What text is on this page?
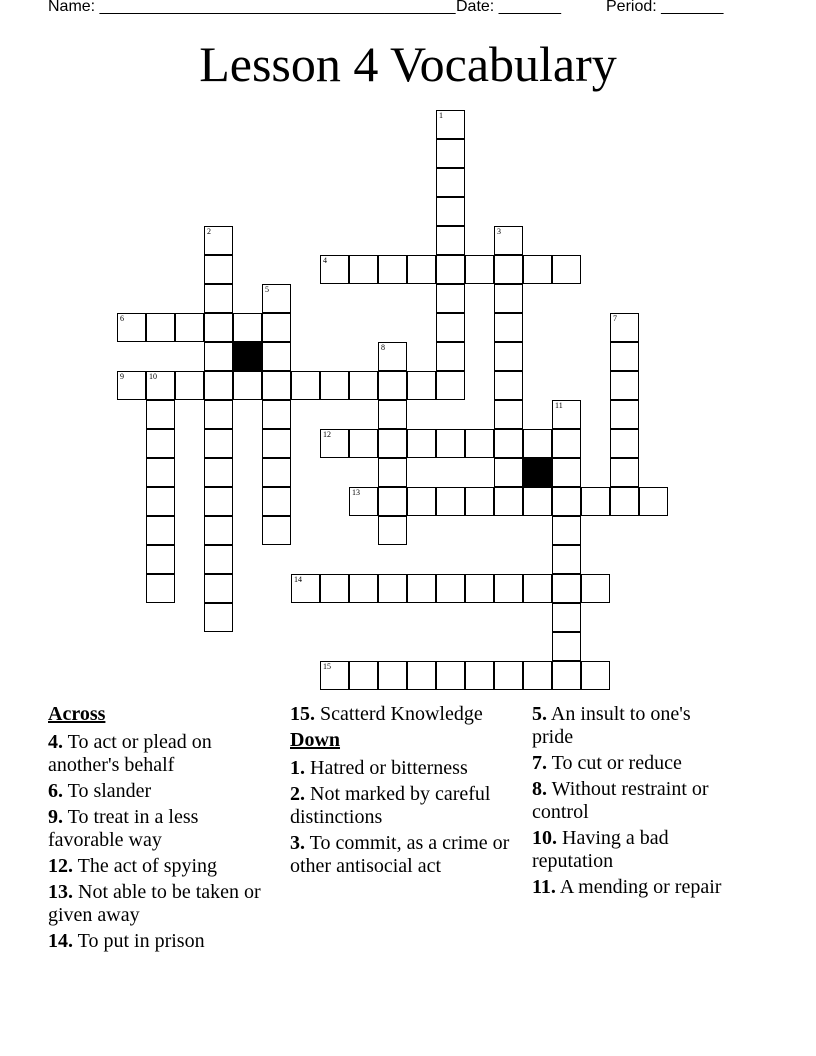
Name: ________________________________________ Date: _______	Period: _______
Lesson 4 Vocabulary
1
2	3
4
5
6	7
8
9	10
11
12
13
14
15
Across
4. To act or plead on another's behalf
6. To slander
9. To treat in a less favorable way
12. The act of spying
13. Not able to be taken or given away
14. To put in prison
15. Scatterd Knowledge
Down
1. Hatred or bitterness
2. Not marked by careful distinctions
3. To commit, as a crime or other antisocial act
5. An insult to one's pride
7. To cut or reduce
8. Without restraint or control
10. Having a bad reputation
11. A mending or repair
